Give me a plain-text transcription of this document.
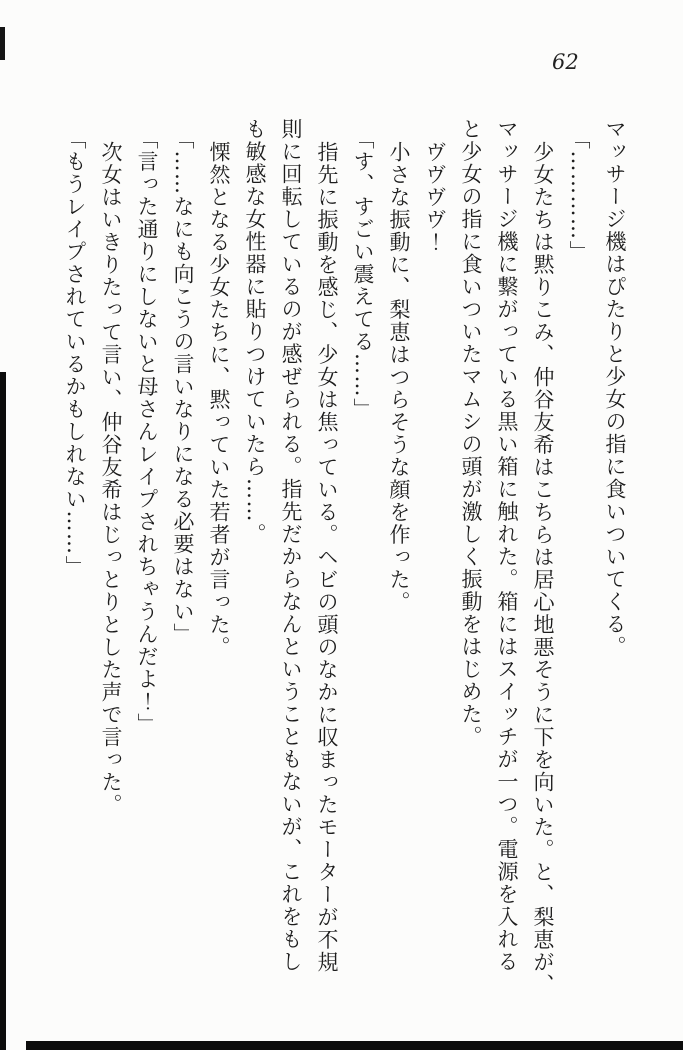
62
マッサージ機はぴたりと少女の指に食いついてくる。
「…………」
少女たちは黙りこみ、仲谷友希はこちらは居心地悪そうに下を向いた。と、梨恵が、
マッサージ機に繋がっている黒い箱に触れた。箱にはスイッチが一つ。電源を入れる
と少女の指に食いついたマムシの頭が激しく振動をはじめた。
ヴヴヴヴ！
小さな振動に、梨恵はつらそうな顔を作った。
「す、すごい震えてる……」
指先に振動を感じ、少女は焦っている。ヘビの頭のなかに収まったモーターが不規
則に回転しているのが感ぜられる。指先だからなんということもないが、これをもし
も敏感な女性器に貼りつけていたら……。
慄然となる少女たちに、黙っていた若者が言った。
「……なにも向こうの言いなりになる必要はない」
「言った通りにしないと母さんレイプされちゃうんだよ！」
次女はいきりたって言い、仲谷友希はじっとりとした声で言った。
「もうレイプされているかもしれない……」
